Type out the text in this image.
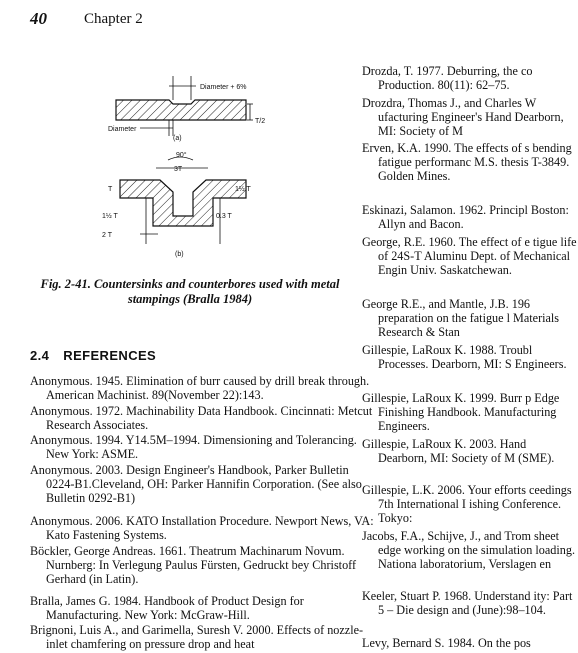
40 Chapter 2
Diameter + 6%
Diameter
T/2
(a)
90°
3T
T	1½ T
1½ T	0.3 T
2 T
(b)
Fig. 2-41. Countersinks and counterbores used with metal stampings (Bralla 1984)
2.4 REFERENCES
Anonymous. 1945. Elimination of burr caused by drill break through. American Machinist. 89(November 22):143.
Anonymous. 1972. Machinability Data Handbook. Cincinnati: Metcut Research Associates.
Anonymous. 1994. Y14.5M–1994. Dimensioning and Tolerancing. New York: ASME.
Anonymous. 2003. Design Engineer's Handbook, Parker Bulletin 0224-B1.Cleveland, OH: Parker Hannifin Corporation. (See also Bulletin 0292-B1)
Anonymous. 2006. KATO Installation Procedure. Newport News, VA: Kato Fastening Systems.
Böckler, George Andreas. 1661. Theatrum Machinarum Novum. Nurnberg: In Verlegung Paulus Fürsten, Gedruckt bey Christoff Gerhard (in Latin).
Bralla, James G. 1984. Handbook of Product Design for Manufacturing. New York: McGraw-Hill.
Brignoni, Luis A., and Garimella, Suresh V. 2000. Effects of nozzle-inlet chamfering on pressure drop and heat
Drozda, T. 1977. Deburring, the co Production. 80(11): 62–75.
Drozdra, Thomas J., and Charles W ufacturing Engineer's Hand Dearborn, MI: Society of M
Erven, K.A. 1990. The effects of s bending fatigue performanc M.S. thesis T-3849. Golden Mines.
Eskinazi, Salamon. 1962. Principl Boston: Allyn and Bacon.
George, R.E. 1960. The effect of e tigue life of 24S-T Aluminu Dept. of Mechanical Engin Univ. Saskatchewan.
George R.E., and Mantle, J.B. 196 preparation on the fatigue l Materials Research & Stan
Gillespie, LaRoux K. 1988. Troubl Processes. Dearborn, MI: S Engineers.
Gillespie, LaRoux K. 1999. Burr p Edge Finishing Handbook. Manufacturing Engineers.
Gillespie, LaRoux K. 2003. Hand Dearborn, MI: Society of M (SME).
Gillespie, L.K. 2006. Your efforts ceedings 7th International I ishing Conference. Tokyo:
Jacobs, F.A., Schijve, J., and Trom sheet edge working on the simulation loading. Nationa laboratorium, Verslagen en
Keeler, Stuart P. 1968. Understand ity: Part 5 – Die design and (June):98–104.
Levy, Bernard S. 1984. On the pos
